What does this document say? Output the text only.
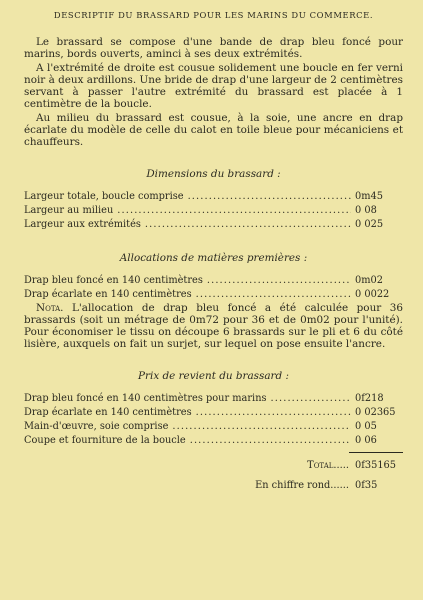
DESCRIPTIF DU BRASSARD POUR LES MARINS DU COMMERCE.

Le brassard se compose d'une bande de drap bleu foncé pour marins, bords ouverts, aminci à ses deux extrémités.

A l'extrémité de droite est cousue solidement une boucle en fer verni noir à deux ardillons. Une bride de drap d'une largeur de 2 centimètres servant à passer l'autre extrémité du brassard est placée à 1 centimètre de la boucle.

Au milieu du brassard est cousue, à la soie, une ancre en drap écarlate du modèle de celle du calot en toile bleue pour mécaniciens et chauffeurs.

Dimensions du brassard :
Largeur totale, boucle comprise . . .	0m45
Largeur au milieu . . .	0 08
Largeur aux extrémités . . .	0 025
Allocations de matières premières :
Drap bleu foncé en 140 centimètres . . .	0m02
Drap écarlate en 140 centimètres . . .	0 0022

Nota. L'allocation de drap bleu foncé a été calculée pour 36 brassards (soit un métrage de 0m72 pour 36 et de 0m02 pour l'unité). Pour économiser le tissu on découpe 6 brassards sur le pli et 6 du côté lisière, auxquels on fait un surjet, sur lequel on pose ensuite l'ancre.

Prix de revient du brassard :
Drap bleu foncé en 140 centimètres pour marins . . .	0f218
Drap écarlate en 140 centimètres . . .	0 02365
Main-d'œuvre, soie comprise . . .	0 05
Coupe et fourniture de la boucle . . .	0 06
Total..... 0f35165
En chiffre rond...... 0f35
